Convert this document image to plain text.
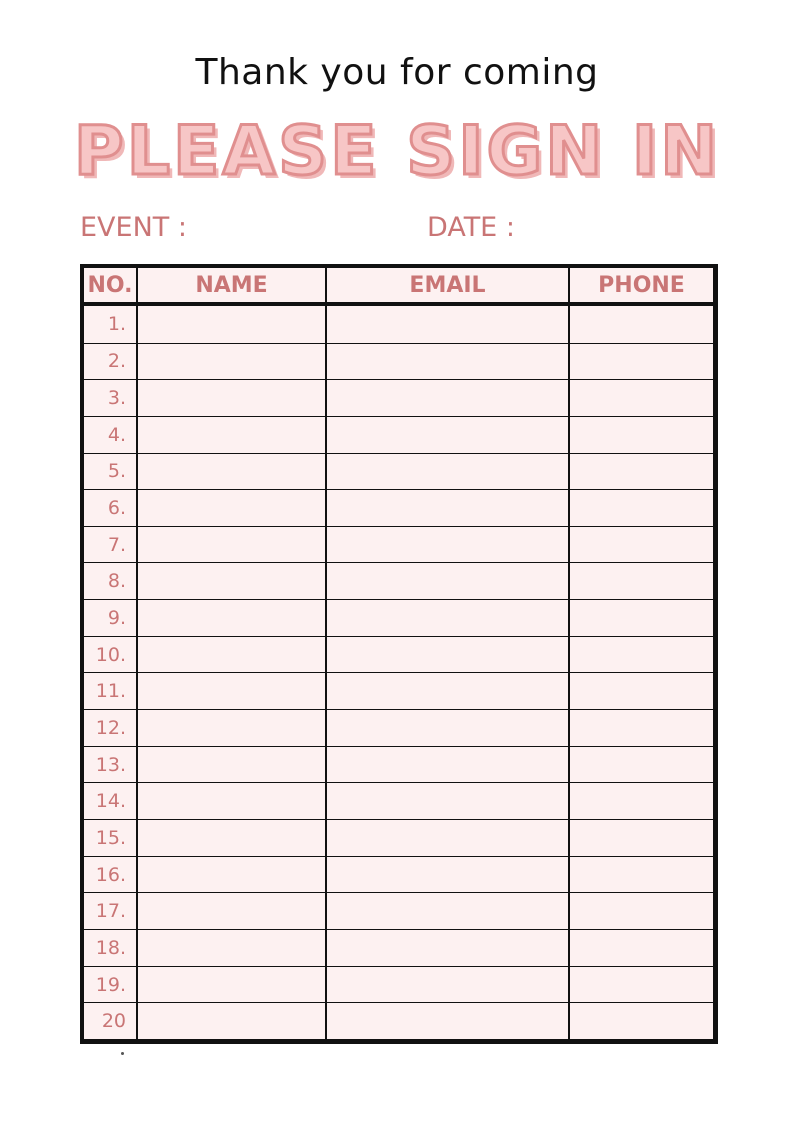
Thank you for coming
PLEASE SIGN IN
EVENT :	DATE :
NO.	NAME	EMAIL	PHONE
1.			
2.			
3.			
4.			
5.			
6.			
7.			
8.			
9.			
10.			
11.			
12.			
13.			
14.			
15.			
16.			
17.			
18.			
19.			
20			
